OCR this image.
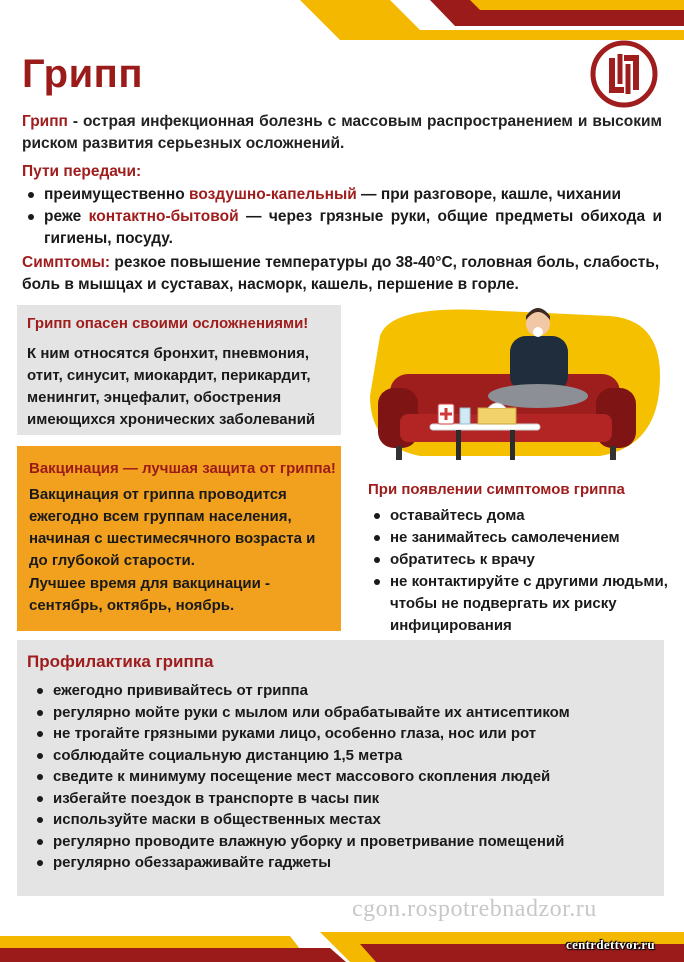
Грипп
Грипп - острая инфекционная болезнь с массовым распространением и высоким риском развития серьезных осложнений.
Пути передачи:
преимущественно воздушно-капельный — при разговоре, кашле, чихании
реже контактно-бытовой — через грязные руки, общие предметы обихода и гигиены, посуду.
Симптомы: резкое повышение температуры до 38-40°С, головная боль, слабость, боль в мышцах и суставах, насморк, кашель, першение в горле.
Грипп опасен своими осложнениями!
К ним относятся бронхит, пневмония, отит, синусит, миокардит, перикардит, менингит, энцефалит, обострения имеющихся хронических заболеваний
Вакцинация — лучшая защита от гриппа!
Вакцинация от гриппа проводится ежегодно всем группам населения, начиная с шестимесячного возраста и до глубокой старости.
Лучшее время для вакцинации - сентябрь, октябрь, ноябрь.
При появлении симптомов гриппа
оставайтесь дома
не занимайтесь самолечением
обратитесь к врачу
не контактируйте с другими людьми, чтобы не подвергать их риску инфицирования
Профилактика гриппа
ежегодно прививайтесь от гриппа
регулярно мойте руки с мылом или обрабатывайте их антисептиком
не трогайте грязными руками лицо, особенно глаза, нос или рот
соблюдайте социальную дистанцию 1,5 метра
сведите к минимуму посещение мест массового скопления людей
избегайте поездок в транспорте в часы пик
используйте маски в общественных местах
регулярно проводите влажную уборку и проветривание помещений
регулярно обеззараживайте гаджеты
cgon.rospotrebnadzor.ru
centrdettvor.ru
